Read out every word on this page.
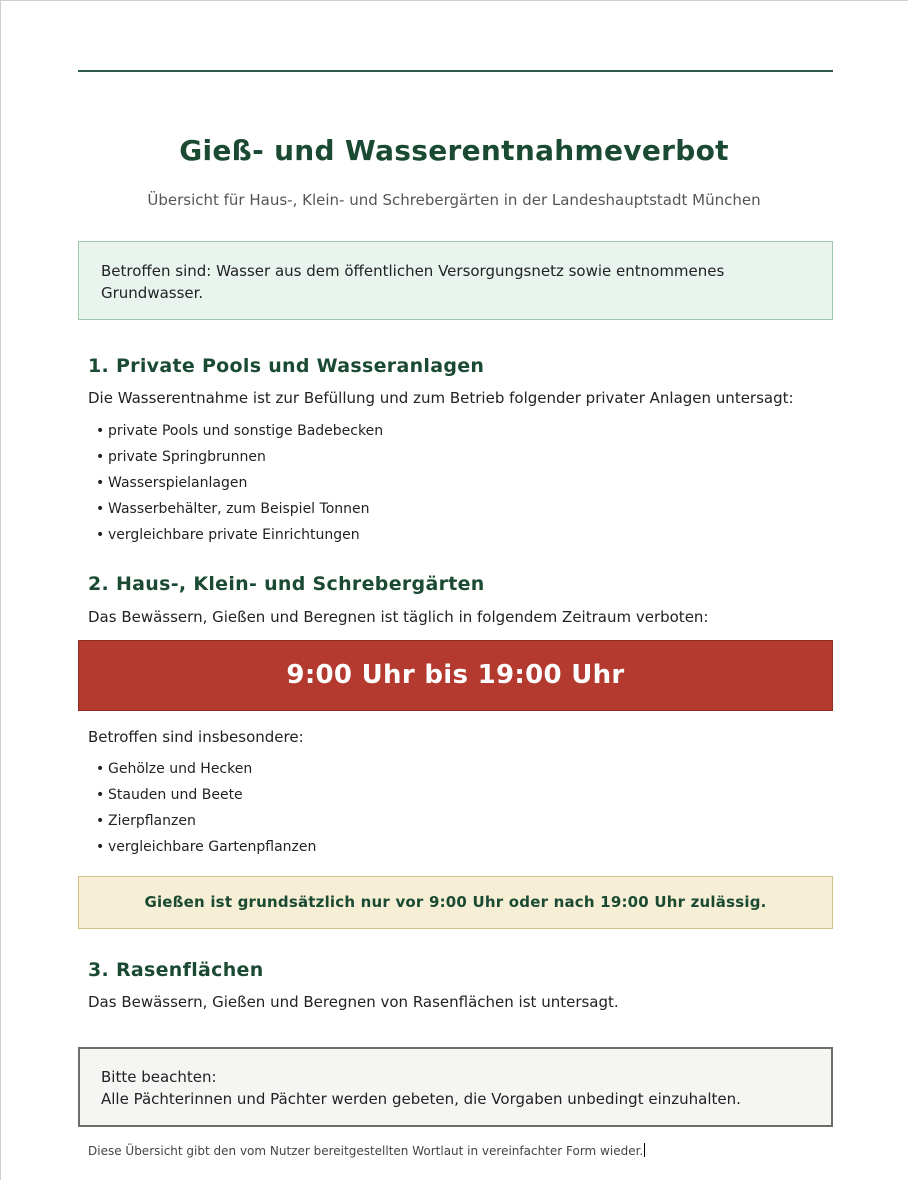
Gieß- und Wasserentnahmeverbot
Übersicht für Haus-, Klein- und Schrebergärten in der Landeshauptstadt München
Betroffen sind: Wasser aus dem öffentlichen Versorgungsnetz sowie entnommenes Grundwasser.
1. Private Pools und Wasseranlagen
Die Wasserentnahme ist zur Befüllung und zum Betrieb folgender privater Anlagen untersagt:
• private Pools und sonstige Badebecken
• private Springbrunnen
• Wasserspielanlagen
• Wasserbehälter, zum Beispiel Tonnen
• vergleichbare private Einrichtungen
2. Haus-, Klein- und Schrebergärten
Das Bewässern, Gießen und Beregnen ist täglich in folgendem Zeitraum verboten:
9:00 Uhr bis 19:00 Uhr
Betroffen sind insbesondere:
• Gehölze und Hecken
• Stauden und Beete
• Zierpflanzen
• vergleichbare Gartenpflanzen
Gießen ist grundsätzlich nur vor 9:00 Uhr oder nach 19:00 Uhr zulässig.
3. Rasenflächen
Das Bewässern, Gießen und Beregnen von Rasenflächen ist untersagt.
Bitte beachten:
Alle Pächterinnen und Pächter werden gebeten, die Vorgaben unbedingt einzuhalten.
Diese Übersicht gibt den vom Nutzer bereitgestellten Wortlaut in vereinfachter Form wieder.
